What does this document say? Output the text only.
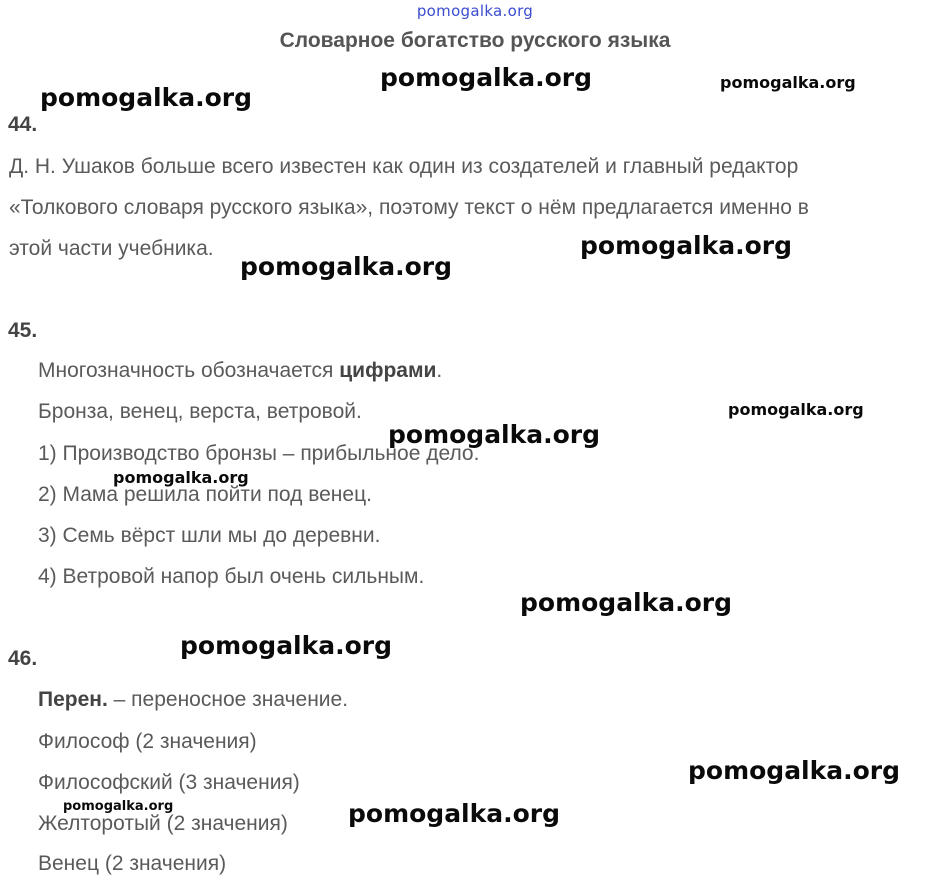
pomogalka.org
Словарное богатство русского языка
44.
Д. Н. Ушаков больше всего известен как один из создателей и главный редактор
«Толкового словаря русского языка», поэтому текст о нём предлагается именно в
этой части учебника.
45.
Многозначность обозначается цифрами.
Бронза, венец, верста, ветровой.
1) Производство бронзы – прибыльное дело.
2) Мама решила пойти под венец.
3) Семь вёрст шли мы до деревни.
4) Ветровой напор был очень сильным.
46.
Перен. – переносное значение.
Философ (2 значения)
Философский (3 значения)
Желторотый (2 значения)
Венец (2 значения)
pomogalka.org	pomogalka.org
pomogalka.org
pomogalka.org
pomogalka.org
pomogalka.org
pomogalka.org
pomogalka.org
pomogalka.org
pomogalka.org
pomogalka.org
pomogalka.org	pomogalka.org
